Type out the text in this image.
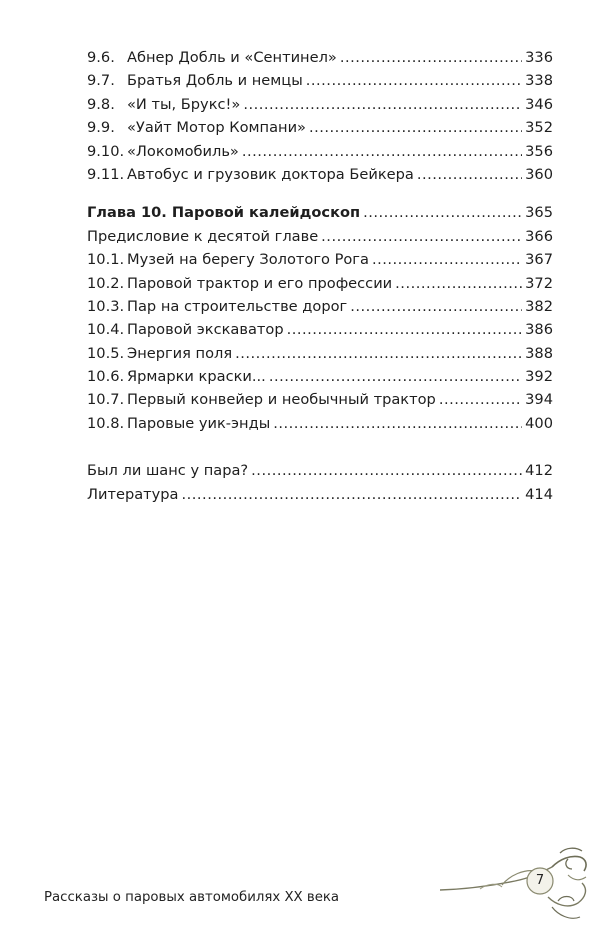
9.6. Абнер Добль и «Сентинел» .....	336
9.7. Братья Добль и немцы .....	338
9.8. «И ты, Брукс!» .....	346
9.9. «Уайт Мотор Компани» .....	352
9.10. «Локомобиль» .....	356
9.11. Автобус и грузовик доктора Бейкера .....	360
Глава 10. Паровой калейдоскоп .....	365
Предисловие к десятой главе .....	366
10.1. Музей на берегу Золотого Рога .....	367
10.2. Паровой трактор и его профессии .....	372
10.3. Пар на строительстве дорог .....	382
10.4. Паровой экскаватор .....	386
10.5. Энергия поля .....	388
10.6. Ярмарки краски... .....	392
10.7. Первый конвейер и необычный трактор .....	394
10.8. Паровые уик-энды .....	400
Был ли шанс у пара? .....	412
Литература .....	414
7
Рассказы о паровых автомобилях XX века
